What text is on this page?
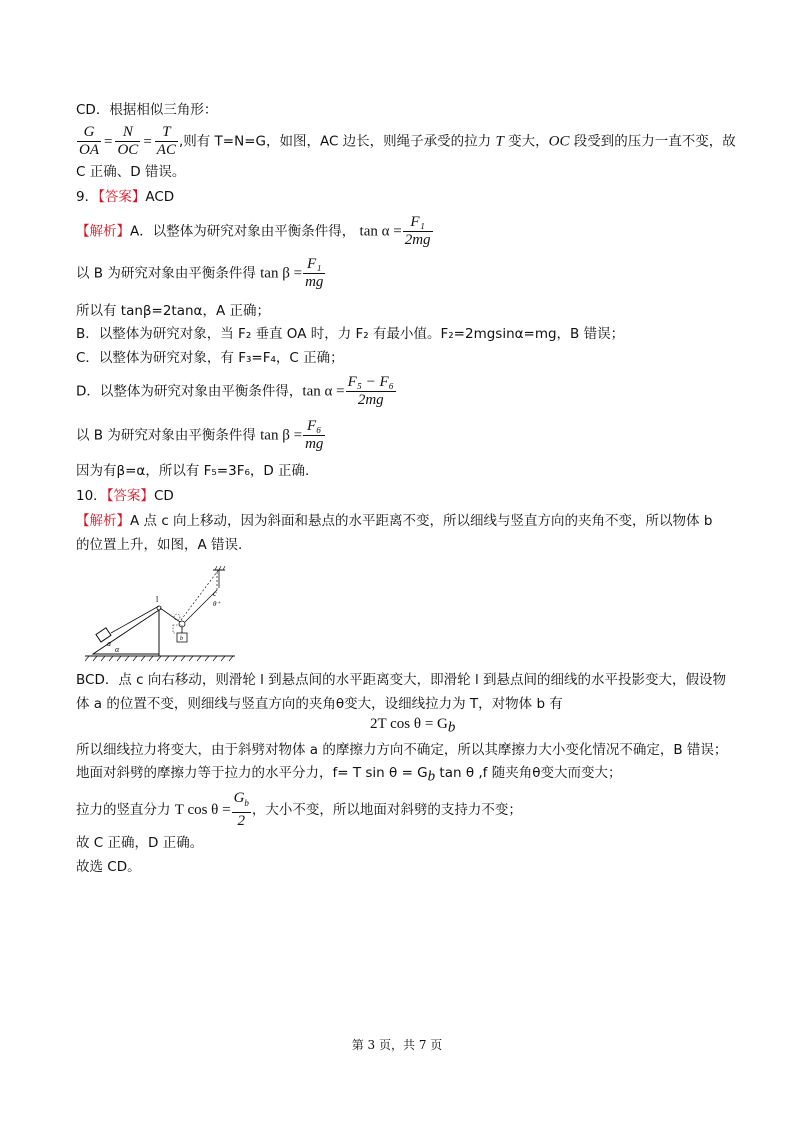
CD．根据相似三角形：
$\frac{G}{OA} = \frac{N}{OC} = \frac{T}{AC}$ ,则有 T=N=G，如图，AC 边长，则绳子承受的拉力 T 变大，OC 段受到的压力一直不变，故
C 正确、D 错误。
9．【答案】ACD
【解析】A．以整体为研究对象由平衡条件得， $\tan \alpha = \frac{\text{F₁}}{2mg}$
以 B 为研究对象由平衡条件得 $\tan \beta = \frac{\text{F₁}}{mg}$
所以有 tanβ=2tanα，A 正确；
B．以整体为研究对象，当 F₂ 垂直 OA 时，力 F₂ 有最小值。F₂=2mgsinα=mg，B 错误；
C．以整体为研究对象，有 F₃=F₄，C 正确；
D．以整体为研究对象由平衡条件得，$\tan \alpha = \frac{\text{F₅ − F₆}}{2mg}$
以 B 为研究对象由平衡条件得 $\tan \beta = \frac{\text{F₆}}{mg}$
因为有β=α，所以有 F₅=3F₆，D 正确.
10．【答案】CD
【解析】A 点 c 向上移动，因为斜面和悬点的水平距离不变，所以细线与竖直方向的夹角不变，所以物体 b
的位置上升，如图，A 错误.
a
α
l
b
c
θ⁺
BCD．点 c 向右移动，则滑轮 l 到悬点间的水平距离变大，即滑轮 l 到悬点间的细线的水平投影变大，假设物
体 a 的位置不变，则细线与竖直方向的夹角θ变大，设细线拉力为 T，对物体 b 有
2T $\cos \theta = G_b$
所以细线拉力将变大，由于斜劈对物体 a 的摩擦力方向不确定，所以其摩擦力大小变化情况不确定，B 错误；
地面对斜劈的摩擦力等于拉力的水平分力，f= T $\sin \theta = G_b$ tan θ ,f 随夹角θ变大而变大；
拉力的竖直分力 T $\cos \theta = \frac{G_b}{2}$ ，大小不变，所以地面对斜劈的支持力不变；
故 C 正确，D 正确。
故选 CD。
第 3 页，共 7 页
